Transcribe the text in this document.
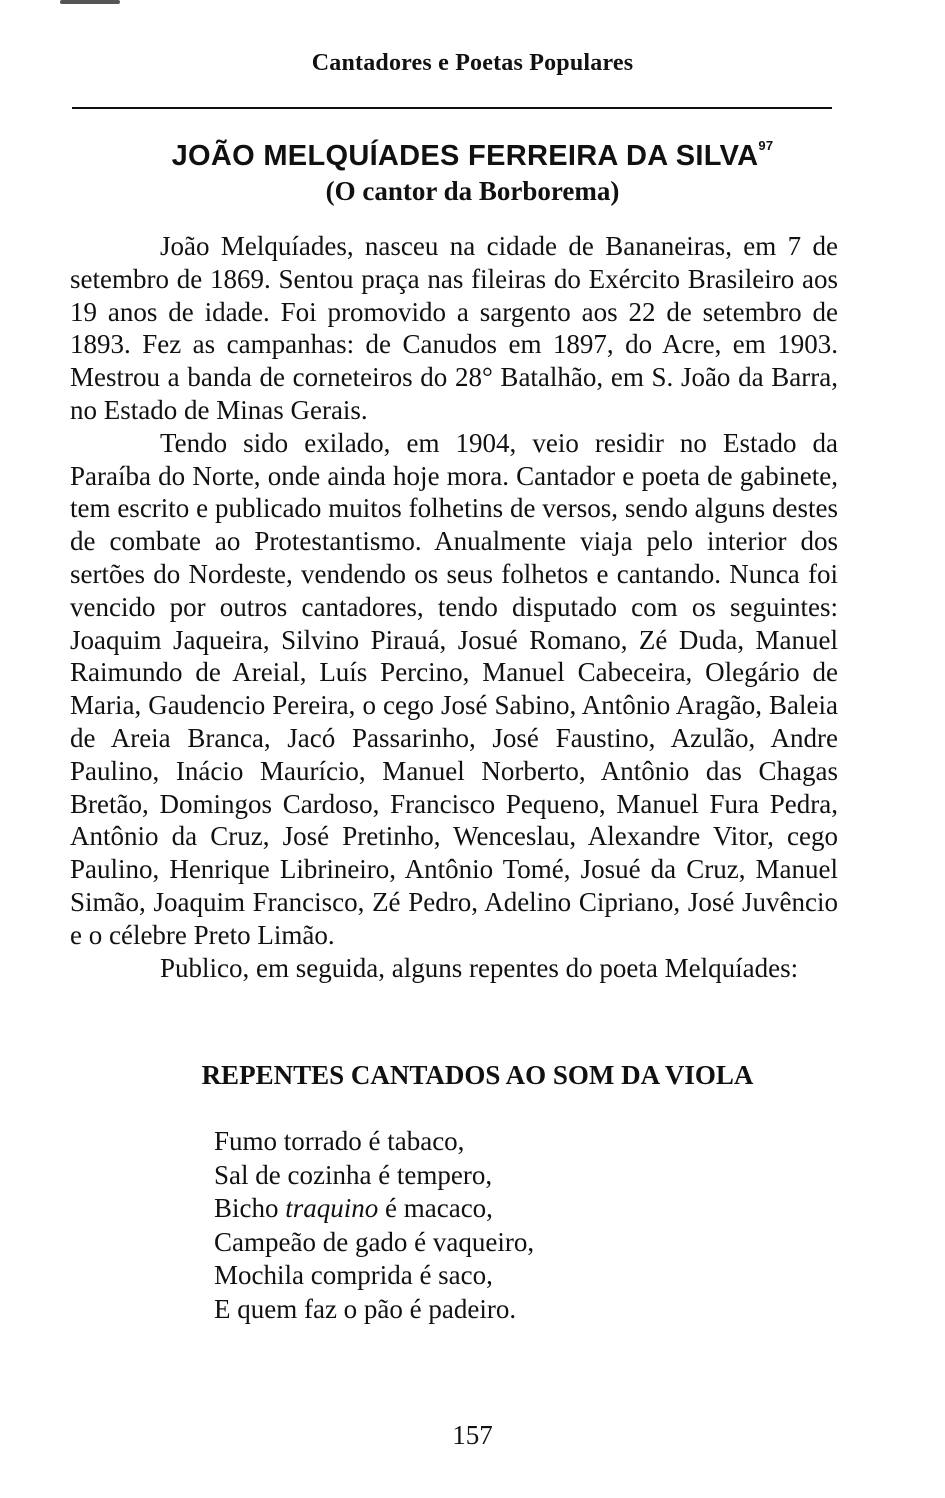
Cantadores e Poetas Populares
JOÃO MELQUÍADES FERREIRA DA SILVA$^{97}$
(O cantor da Borborema)

João Melquíades, nasceu na cidade de Bananeiras, em 7 de setembro de 1869. Sentou praça nas fileiras do Exército Brasileiro aos 19 anos de idade. Foi promovido a sargento aos 22 de setembro de 1893. Fez as campanhas: de Canudos em 1897, do Acre, em 1903. Mestrou a banda de corneteiros do 28° Batalhão, em S. João da Barra, no Estado de Minas Gerais.

Tendo sido exilado, em 1904, veio residir no Estado da Paraíba do Norte, onde ainda hoje mora. Cantador e poeta de gabinete, tem escrito e publicado muitos folhetins de versos, sendo alguns destes de combate ao Protestantismo. Anualmente viaja pelo interior dos sertões do Nordeste, vendendo os seus folhetos e cantando. Nunca foi vencido por outros cantadores, tendo disputado com os seguintes: Joaquim Jaqueira, Silvino Pirauá, Josué Romano, Zé Duda, Manuel Raimundo de Areial, Luís Percino, Manuel Cabeceira, Olegário de Maria, Gaudencio Pereira, o cego José Sabino, Antônio Aragão, Baleia de Areia Branca, Jacó Passarinho, José Faustino, Azulão, Andre Paulino, Inácio Maurício, Manuel Norberto, Antônio das Chagas Bretão, Domingos Cardoso, Francisco Pequeno, Manuel Fura Pedra, Antônio da Cruz, José Pretinho, Wenceslau, Alexandre Vitor, cego Paulino, Henrique Librineiro, Antônio Tomé, Josué da Cruz, Manuel Simão, Joaquim Francisco, Zé Pedro, Adelino Cipriano, José Juvêncio e o célebre Preto Limão.

Publico, em seguida, alguns repentes do poeta Melquíades:

REPENTES CANTADOS AO SOM DA VIOLA
Fumo torrado é tabaco,
Sal de cozinha é tempero,
Bicho traquino é macaco,
Campeão de gado é vaqueiro,
Mochila comprida é saco,
E quem faz o pão é padeiro.
157
